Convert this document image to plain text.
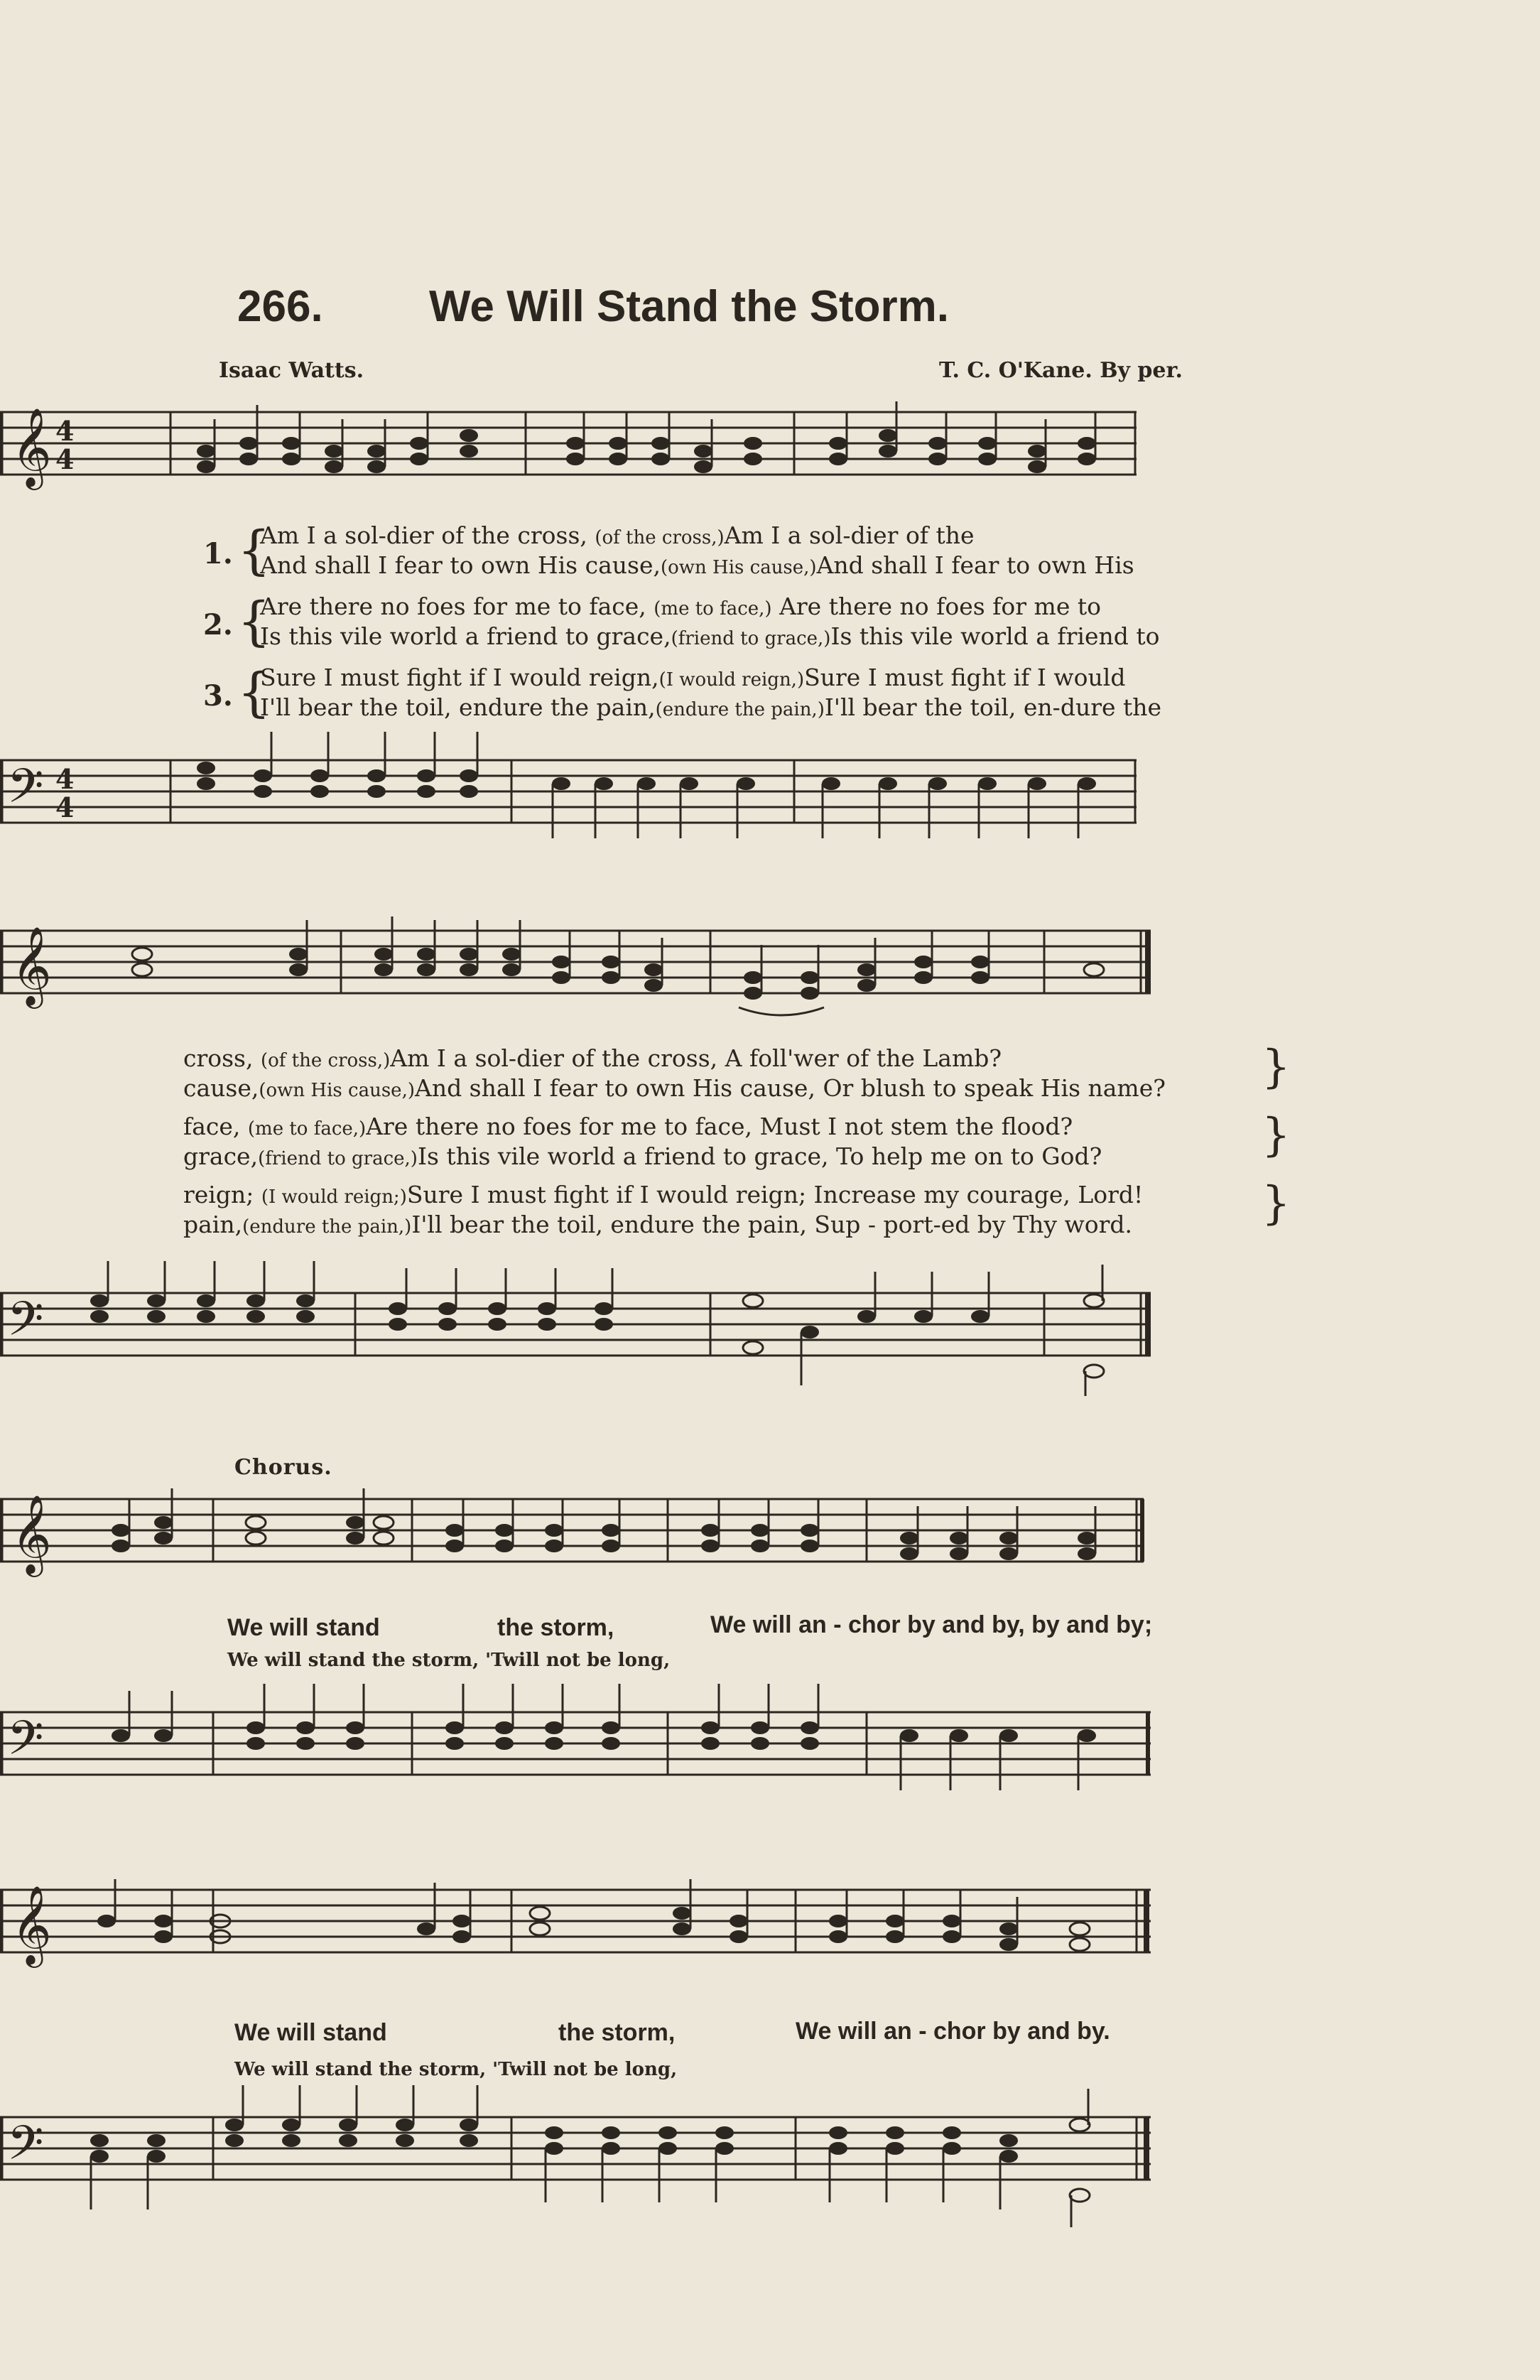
266. We Will Stand the Storm.
Isaac Watts.	T. C. O'Kane. By per.
𝄞 4
4
1. {
Am I a sol-dier of the cross, (of the cross,)Am I a sol-dier of the
And shall I fear to own His cause,(own His cause,)And shall I fear to own His
2. {
Are there no foes for me to face, (me to face,) Are there no foes for me to
Is this vile world a friend to grace,(friend to grace,)Is this vile world a friend to
3. {
Sure I must fight if I would reign,(I would reign,)Sure I must fight if I would
I'll bear the toil, endure the pain,(endure the pain,)I'll bear the toil, en-dure the
𝄢 4
4
𝄞
cross, (of the cross,)Am I a sol-dier of the cross, A foll'wer of the Lamb?
cause,(own His cause,)And shall I fear to own His cause, Or blush to speak His name? }
face, (me to face,)Are there no foes for me to face, Must I not stem the flood?
grace,(friend to grace,)Is this vile world a friend to grace, To help me on to God?	}
reign; (I would reign;)Sure I must fight if I would reign; Increase my courage, Lord!
pain,(endure the pain,)I'll bear the toil, endure the pain, Sup - port-ed by Thy word.	}
𝄢
Chorus.
𝄞
We will stand	the storm,	We will an - chor by and by, by and by;
We will stand the storm, 'Twill not be long,
𝄢
𝄞
We will stand	the storm,	We will an - chor by and by.
We will stand the storm, 'Twill not be long,
𝄢
